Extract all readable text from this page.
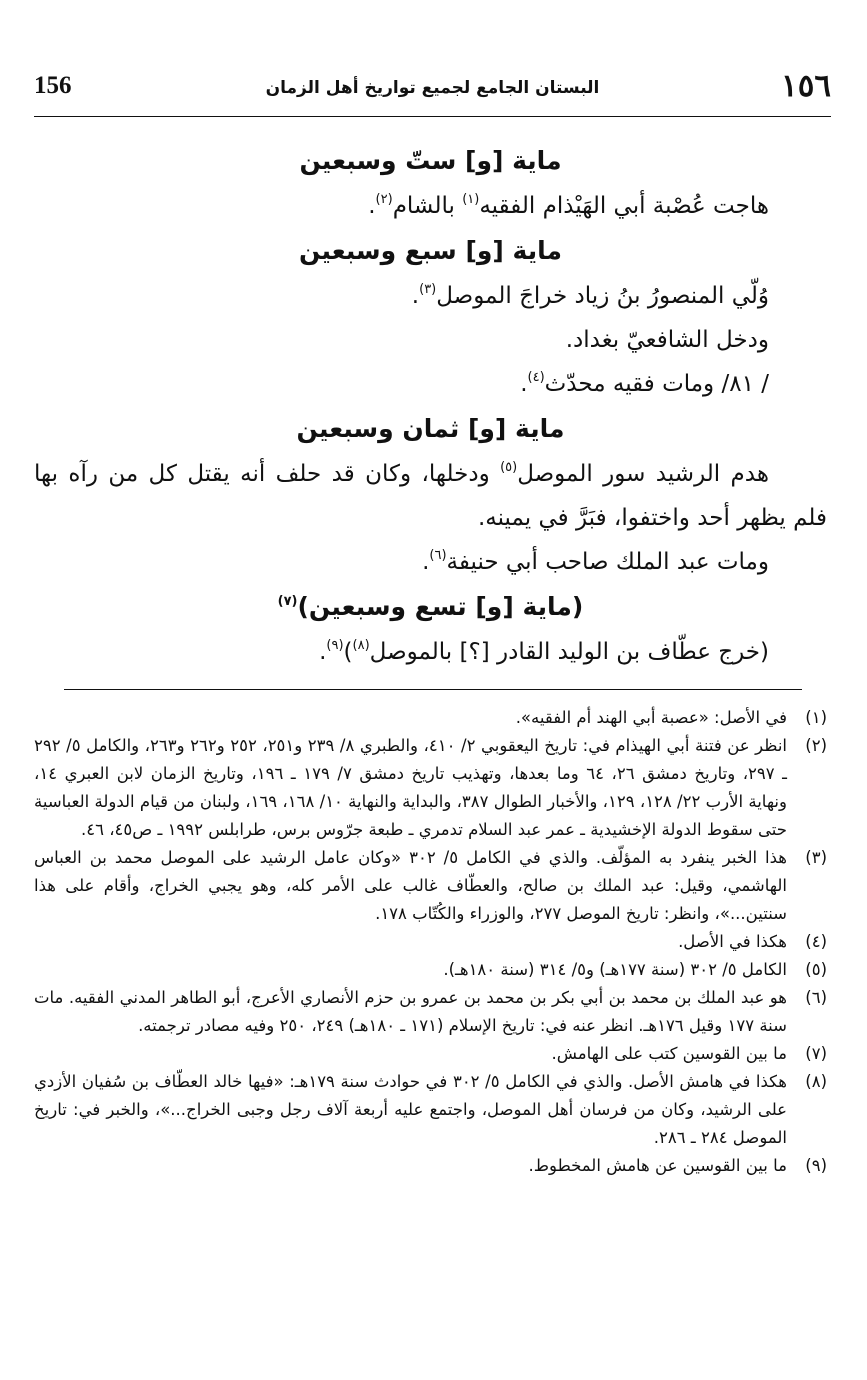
١٥٦
البستان الجامع لجميع تواريخ أهل الزمان
156
ماية [و] ستّ وسبعين

هاجت عُصْبة أبي الهَيْذام الفقيه$^{(١)}$ بالشام$^{(٢)}$.

ماية [و] سبع وسبعين

وُلّي المنصورُ بنُ زياد خراجَ الموصل$^{(٣)}$.

ودخل الشافعيّ بغداد.

/ ٨١/ ومات فقيه محدّث$^{(٤)}$.

ماية [و] ثمان وسبعين

هدم الرشيد سور الموصل$^{(٥)}$ ودخلها، وكان قد حلف أنه يقتل كل من رآه بها

فلم يظهر أحد واختفوا، فبَرَّ في يمينه.

ومات عبد الملك صاحب أبي حنيفة$^{(٦)}$.

(ماية [و] تسع وسبعين)$^{(٧)}$

(خرج عطّاف بن الوليد القادر [؟] بالموصل$^{(٨)}$)$^{(٩)}$.

(١)
في الأصل: «عصبة أبي الهند أم الفقيه».

(٢)
انظر عن فتنة أبي الهيذام في: تاريخ اليعقوبي ٢/ ٤١٠، والطبري ٨/ ٢٣٩ و٢٥١، ٢٥٢ و٢٦٢ و٢٦٣، والكامل ٥/ ٢٩٢ ـ ٢٩٧، وتاريخ دمشق ٢٦، ٦٤ وما بعدها، وتهذيب تاريخ دمشق ٧/ ١٧٩ ـ ١٩٦، وتاريخ الزمان لابن العبري ١٤، ونهاية الأرب ٢٢/ ١٢٨، ١٢٩، والأخبار الطوال ٣٨٧، والبداية والنهاية ١٠/ ١٦٨، ١٦٩، ولبنان من قيام الدولة العباسية حتى سقوط الدولة الإخشيدية ـ عمر عبد السلام تدمري ـ طبعة جرّوس برس، طرابلس ١٩٩٢ ـ ص٤٥، ٤٦.

(٣)
هذا الخبر ينفرد به المؤلّف. والذي في الكامل ٥/ ٣٠٢ «وكان عامل الرشيد على الموصل محمد بن العباس الهاشمي، وقيل: عبد الملك بن صالح، والعطّاف غالب على الأمر كله، وهو يجبي الخراج، وأقام على هذا سنتين...»، وانظر: تاريخ الموصل ٢٧٧، والوزراء والكُتّاب ١٧٨.

(٤)
هكذا في الأصل.

(٥)
الكامل ٥/ ٣٠٢ (سنة ١٧٧هـ) و٥/ ٣١٤ (سنة ١٨٠هـ).

(٦)
هو عبد الملك بن محمد بن أبي بكر بن محمد بن عمرو بن حزم الأنصاري الأعرج، أبو الطاهر المدني الفقيه. مات سنة ١٧٧ وقيل ١٧٦هـ. انظر عنه في: تاريخ الإسلام (١٧١ ـ ١٨٠هـ) ٢٤٩، ٢٥٠ وفيه مصادر ترجمته.

(٧)
ما بين القوسين كتب على الهامش.

(٨)
هكذا في هامش الأصل. والذي في الكامل ٥/ ٣٠٢ في حوادث سنة ١٧٩هـ: «فيها خالد العطّاف بن سُفيان الأزدي على الرشيد، وكان من فرسان أهل الموصل، واجتمع عليه أربعة آلاف رجل وجبى الخراج...»، والخبر في: تاريخ الموصل ٢٨٤ ـ ٢٨٦.

(٩)
ما بين القوسين عن هامش المخطوط.
